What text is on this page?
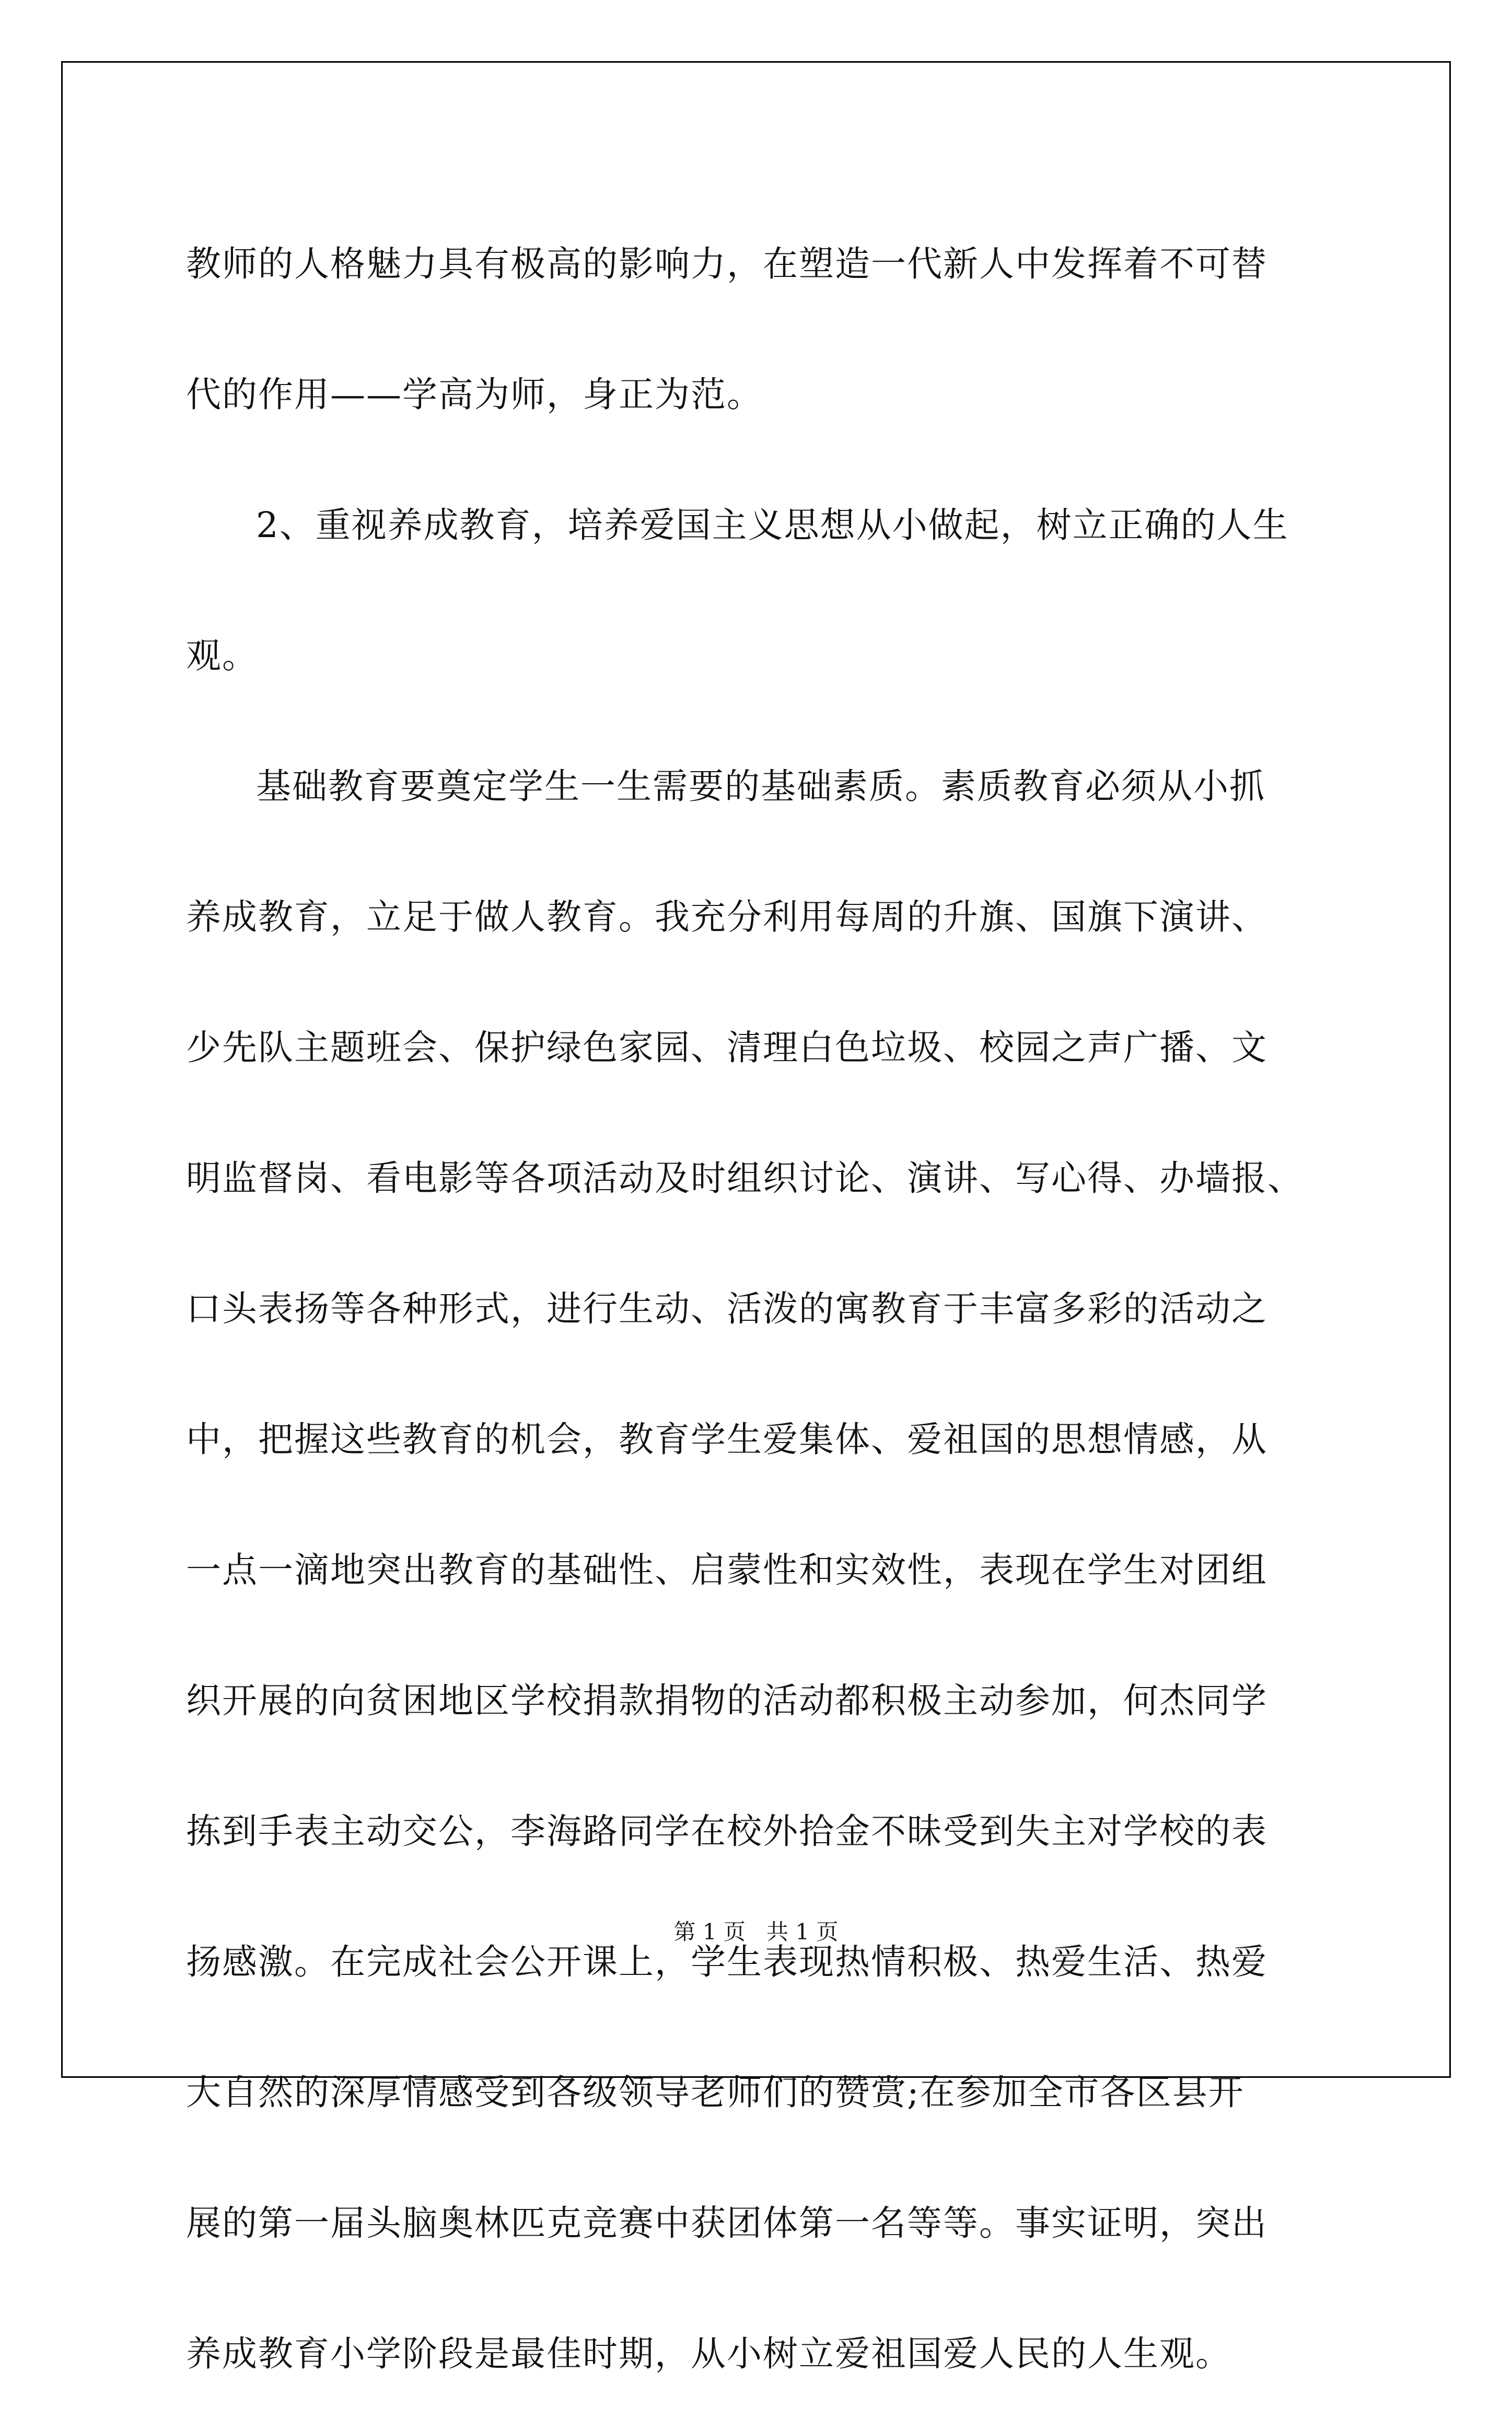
教师的人格魅力具有极高的影响力，在塑造一代新人中发挥着不可替
代的作用——学高为师，身正为范。
2、重视养成教育，培养爱国主义思想从小做起，树立正确的人生
观。
基础教育要奠定学生一生需要的基础素质。素质教育必须从小抓
养成教育，立足于做人教育。我充分利用每周的升旗、国旗下演讲、
少先队主题班会、保护绿色家园、清理白色垃圾、校园之声广播、文
明监督岗、看电影等各项活动及时组织讨论、演讲、写心得、办墙报、
口头表扬等各种形式，进行生动、活泼的寓教育于丰富多彩的活动之
中，把握这些教育的机会，教育学生爱集体、爱祖国的思想情感，从
一点一滴地突出教育的基础性、启蒙性和实效性，表现在学生对团组
织开展的向贫困地区学校捐款捐物的活动都积极主动参加，何杰同学
拣到手表主动交公，李海路同学在校外拾金不昧受到失主对学校的表
扬感激。在完成社会公开课上，学生表现热情积极、热爱生活、热爱
大自然的深厚情感受到各级领导老师们的赞赏;在参加全市各区县开
展的第一届头脑奥林匹克竞赛中获团体第一名等等。事实证明，突出
养成教育小学阶段是最佳时期，从小树立爱祖国爱人民的人生观。
第 1 页   共 1 页
